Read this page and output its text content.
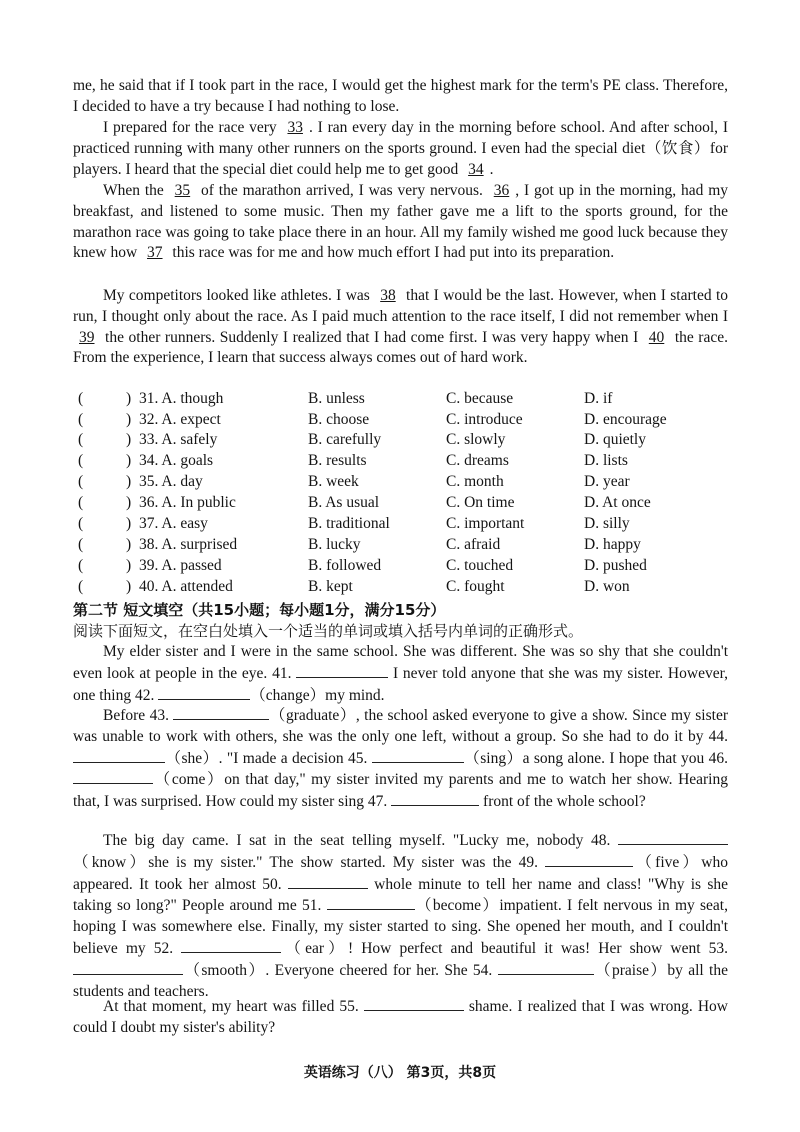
me, he said that if I took part in the race, I would get the highest mark for the term's PE class. Therefore, I decided to have a try because I had nothing to lose.

I prepared for the race very 33 . I ran every day in the morning before school. And after school, I practiced running with many other runners on the sports ground. I even had the special diet（饮食）for players. I heard that the special diet could help me to get good 34 .

When the 35 of the marathon arrived, I was very nervous. 36 , I got up in the morning, had my breakfast, and listened to some music. Then my father gave me a lift to the sports ground, for the marathon race was going to take place there in an hour. All my family wished me good luck because they knew how 37 this race was for me and how much effort I had put into its preparation.

My competitors looked like athletes. I was 38 that I would be the last. However, when I started to run, I thought only about the race. As I paid much attention to the race itself, I did not remember when I 39 the other runners. Suddenly I realized that I had come first. I was very happy when I 40 the race. From the experience, I learn that success always comes out of hard work.

(	) 31. A. though	B. unless	C. because	D. if
(	) 32. A. expect	B. choose	C. introduce	D. encourage
(	) 33. A. safely	B. carefully	C. slowly	D. quietly
(	) 34. A. goals	B. results	C. dreams	D. lists
(	) 35. A. day	B. week	C. month	D. year
(	) 36. A. In public	B. As usual	C. On time	D. At once
(	) 37. A. easy	B. traditional	C. important	D. silly
(	) 38. A. surprised	B. lucky	C. afraid	D. happy
(	) 39. A. passed	B. followed	C. touched	D. pushed
(	) 40. A. attended	B. kept	C. fought	D. won
第二节 短文填空（共15小题；每小题1分，满分15分）
阅读下面短文，在空白处填入一个适当的单词或填入括号内单词的正确形式。

My elder sister and I were in the same school. She was different. She was so shy that she couldn't even look at people in the eye. 41.	I never told anyone that she was my sister. However, one thing 42.	（change）my mind.

Before 43.	（graduate）, the school asked everyone to give a show. Since my sister was unable to work with others, she was the only one left, without a group. So she had to do it by 44. （she）. "I made a decision 45.	（sing）a song alone. I hope that you 46. （come）on that day," my sister invited my parents and me to watch her show. Hearing that, I was surprised. How could my sister sing 47.	front of the whole school?

The big day came. I sat in the seat telling myself. "Lucky me, nobody 48. （know）she is my sister." The show started. My sister was the 49.	（five）who appeared. It took her almost 50.	whole minute to tell her name and class! "Why is she taking so long?" People around me 51.	（become）impatient. I felt nervous in my seat, hoping I was somewhere else. Finally, my sister started to sing. She opened her mouth, and I couldn't believe my 52.	（ear）! How perfect and beautiful it was! Her show went 53. （smooth）. Everyone cheered for her. She 54.	（praise）by all the students and teachers.

At that moment, my heart was filled 55.	shame. I realized that I was wrong. How could I doubt my sister's ability?

英语练习（八） 第3页，共8页
